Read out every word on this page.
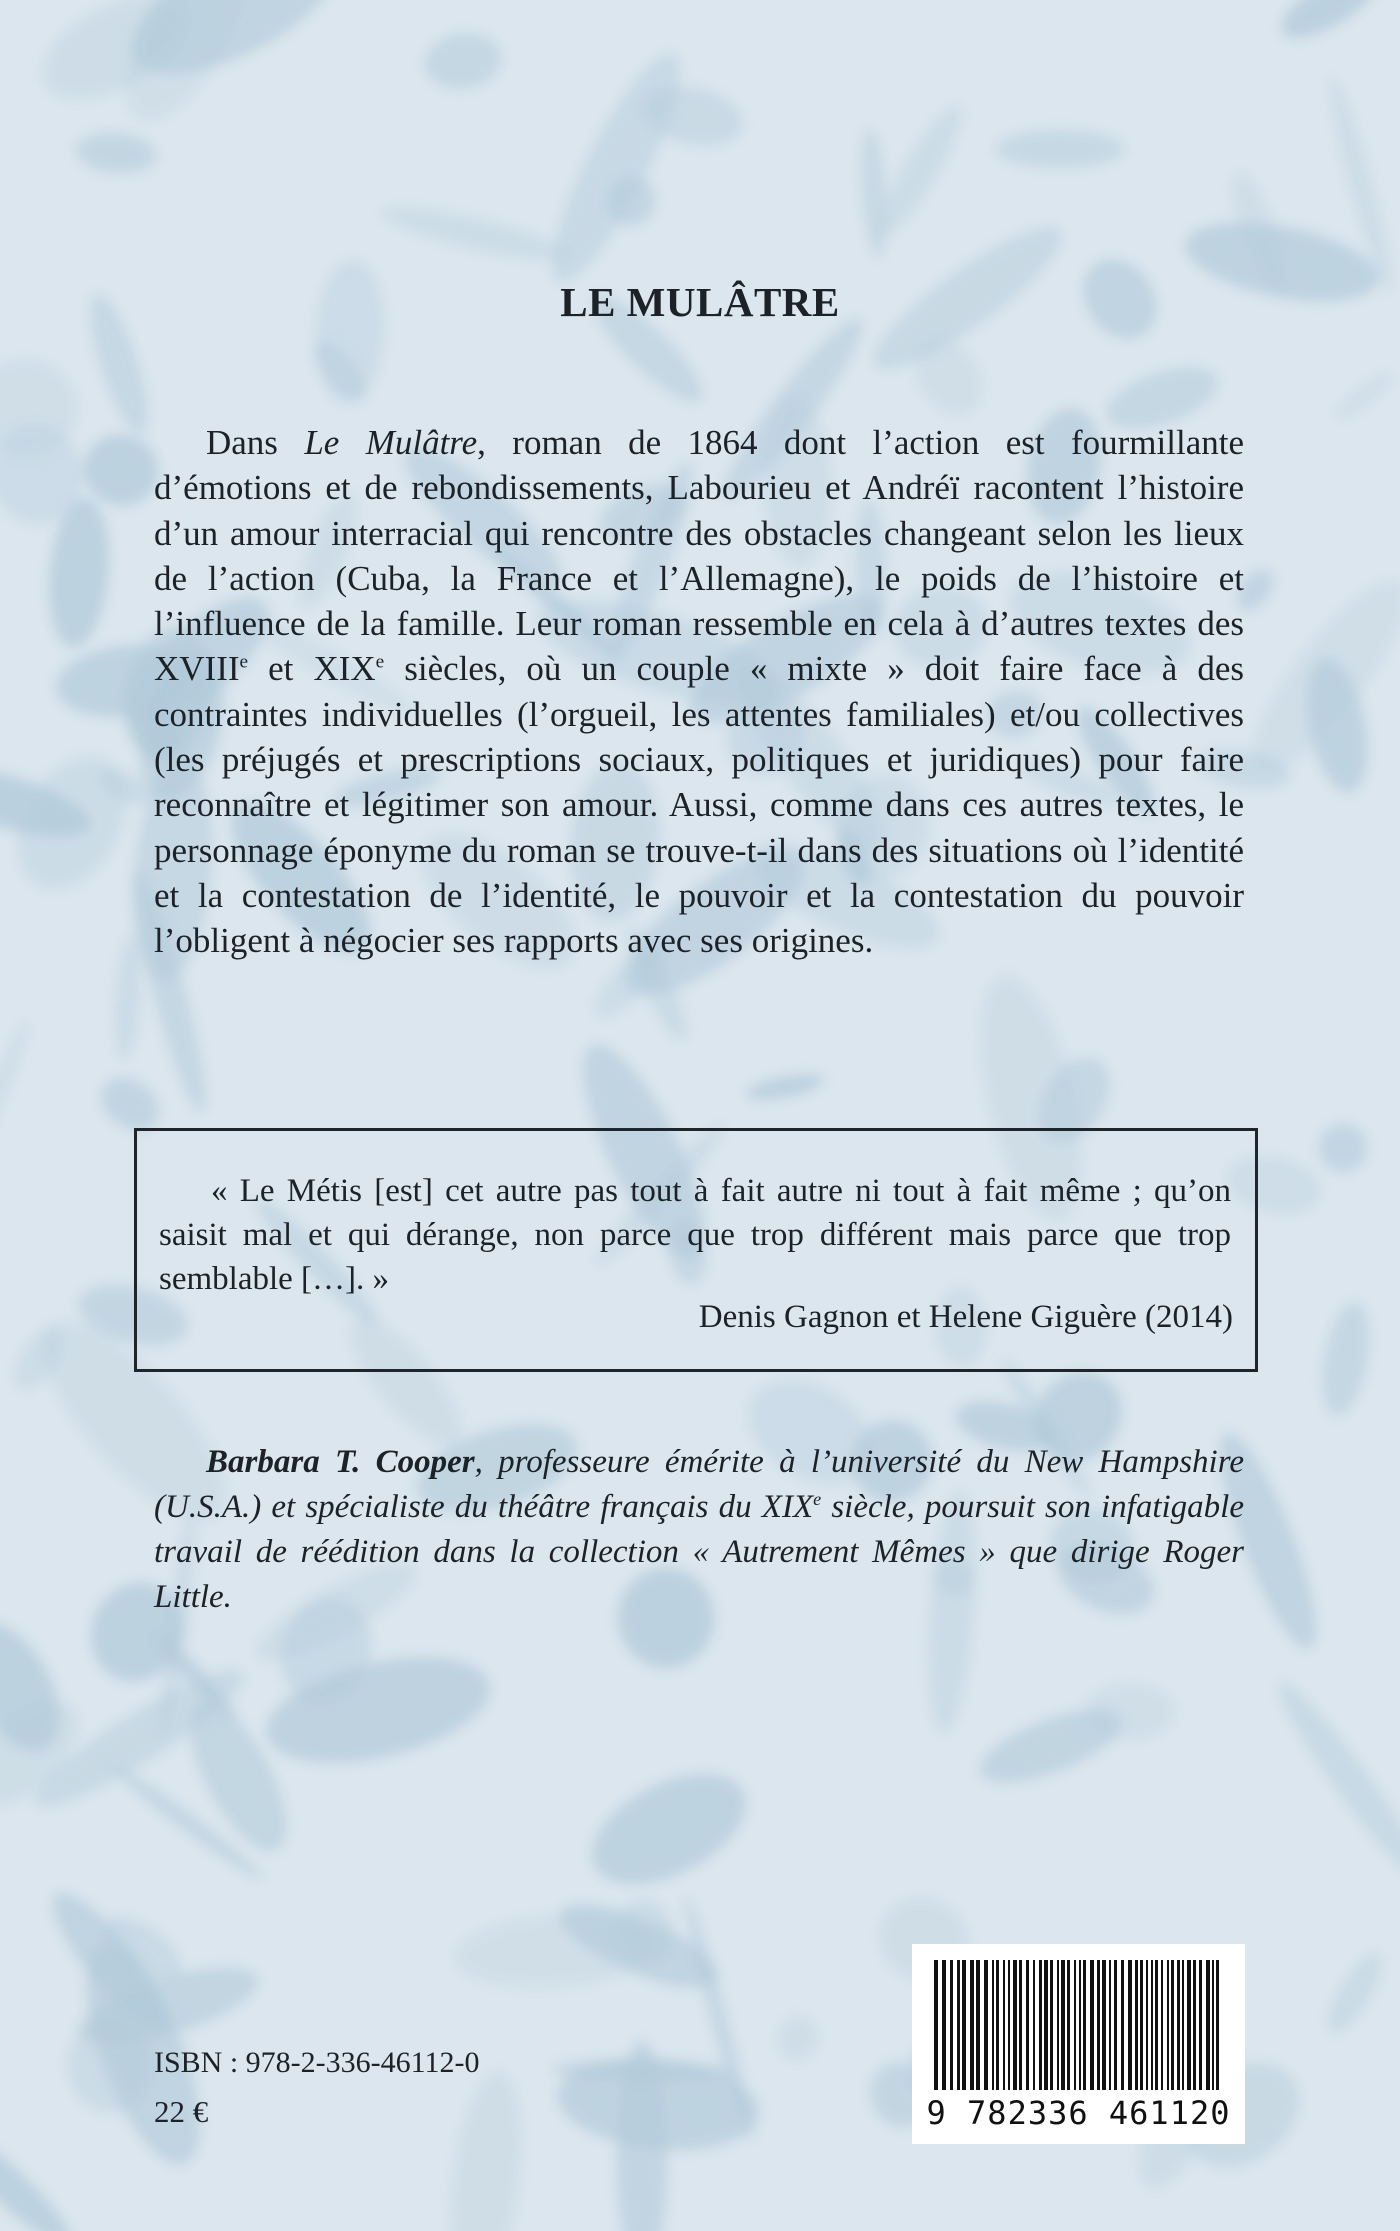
LE MULÂTRE

Dans Le Mulâtre, roman de 1864 dont l’action est fourmillante d’émotions et de rebondissements, Labourieu et Andréï racontent l’histoire d’un amour interracial qui rencontre des obstacles changeant selon les lieux de l’action (Cuba, la France et l’Allemagne), le poids de l’histoire et l’influence de la famille. Leur roman ressemble en cela à d’autres textes des XVIIIe et XIXe siècles, où un couple « mixte » doit faire face à des contraintes individuelles (l’orgueil, les attentes familiales) et/ou collectives (les préjugés et prescriptions sociaux, politiques et juridiques) pour faire reconnaître et légitimer son amour. Aussi, comme dans ces autres textes, le personnage éponyme du roman se trouve-t-il dans des situations où l’identité et la contestation de l’identité, le pouvoir et la contestation du pouvoir l’obligent à négocier ses rapports avec ses origines.

« Le Métis [est] cet autre pas tout à fait autre ni tout à fait même ; qu’on saisit mal et qui dérange, non parce que trop différent mais parce que trop semblable […]. »

Denis Gagnon et Helene Giguère (2014)

Barbara T. Cooper, professeure émérite à l’université du New Hampshire (U.S.A.) et spécialiste du théâtre français du XIXe siècle, poursuit son infatigable travail de réédition dans la collection « Autrement Mêmes » que dirige Roger Little.

ISBN : 978-2-336-46112-0
22 €	9 782336 461120
